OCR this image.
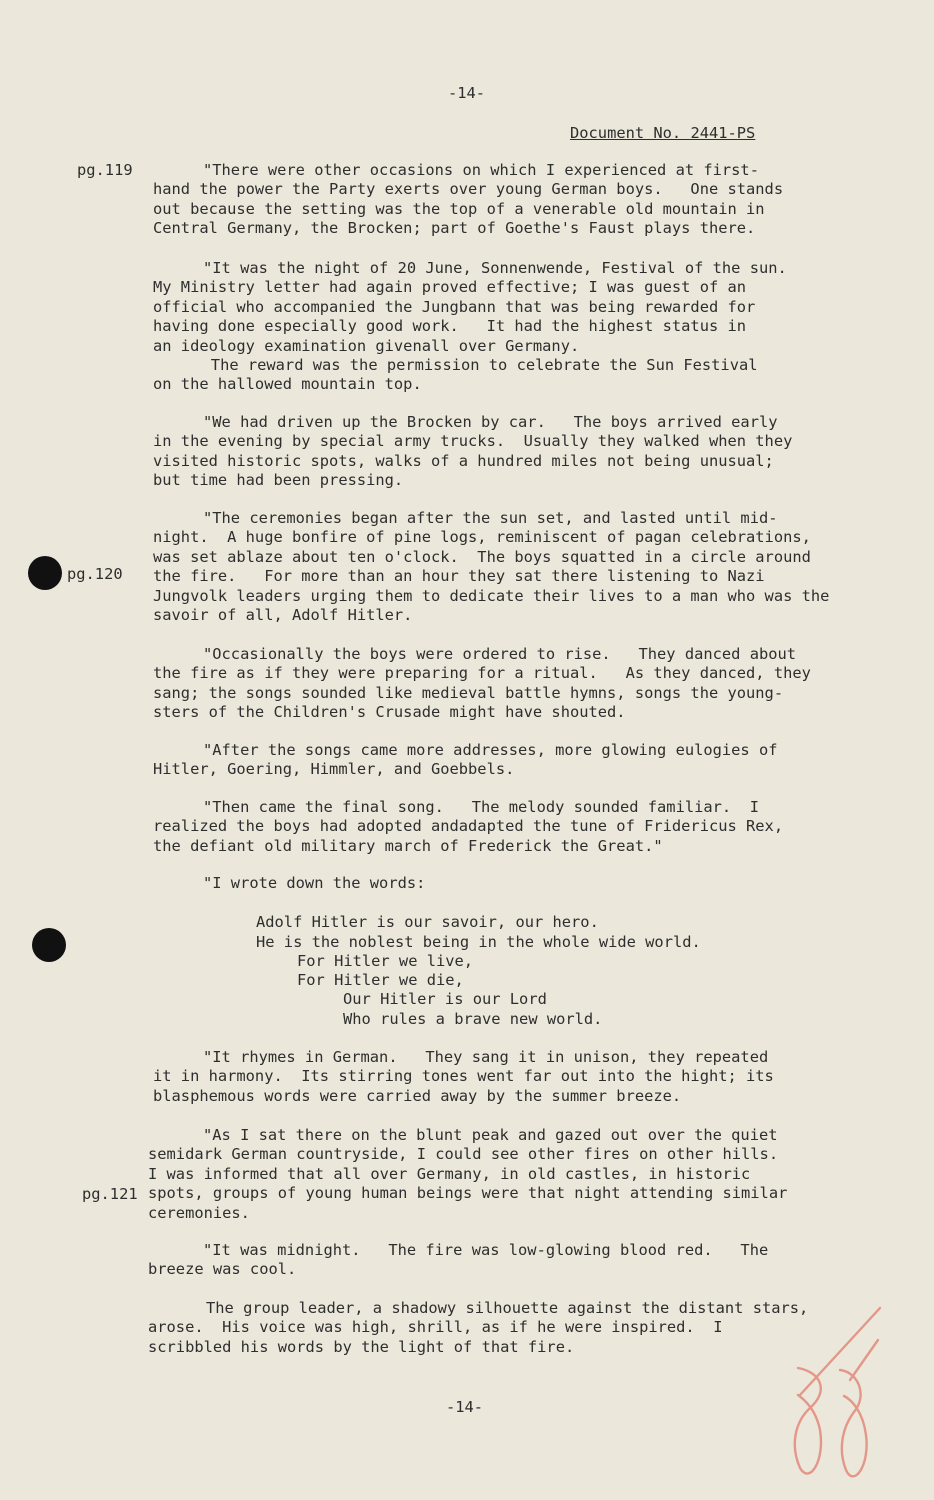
-14-
Document No. 2441-PS
pg.119
pg.120
pg.121
"There were other occasions on which I experienced at first-
hand the power the Party exerts over young German boys.   One stands
out because the setting was the top of a venerable old mountain in
Central Germany, the Brocken; part of Goethe's Faust plays there.
"It was the night of 20 June, Sonnenwende, Festival of the sun.
My Ministry letter had again proved effective; I was guest of an
official who accompanied the Jungbann that was being rewarded for
having done especially good work.   It had the highest status in
an ideology examination givenall over Germany.
The reward was the permission to celebrate the Sun Festival
on the hallowed mountain top.
"We had driven up the Brocken by car.   The boys arrived early
in the evening by special army trucks.  Usually they walked when they
visited historic spots, walks of a hundred miles not being unusual;
but time had been pressing.
"The ceremonies began after the sun set, and lasted until mid-
night.  A huge bonfire of pine logs, reminiscent of pagan celebrations,
was set ablaze about ten o'clock.  The boys squatted in a circle around
the fire.   For more than an hour they sat there listening to Nazi
Jungvolk leaders urging them to dedicate their lives to a man who was the
savoir of all, Adolf Hitler.
"Occasionally the boys were ordered to rise.   They danced about
the fire as if they were preparing for a ritual.   As they danced, they
sang; the songs sounded like medieval battle hymns, songs the young-
sters of the Children's Crusade might have shouted.
"After the songs came more addresses, more glowing eulogies of
Hitler, Goering, Himmler, and Goebbels.
"Then came the final song.   The melody sounded familiar.  I
realized the boys had adopted andadapted the tune of Fridericus Rex,
the defiant old military march of Frederick the Great."
"I wrote down the words:
Adolf Hitler is our savoir, our hero.
He is the noblest being in the whole wide world.
For Hitler we live,
For Hitler we die,
Our Hitler is our Lord
Who rules a brave new world.
"It rhymes in German.   They sang it in unison, they repeated
it in harmony.  Its stirring tones went far out into the hight; its
blasphemous words were carried away by the summer breeze.
"As I sat there on the blunt peak and gazed out over the quiet
semidark German countryside, I could see other fires on other hills.
I was informed that all over Germany, in old castles, in historic
spots, groups of young human beings were that night attending similar
ceremonies.
"It was midnight.   The fire was low-glowing blood red.   The
breeze was cool.
The group leader, a shadowy silhouette against the distant stars,
arose.  His voice was high, shrill, as if he were inspired.  I
scribbled his words by the light of that fire.
-14-
